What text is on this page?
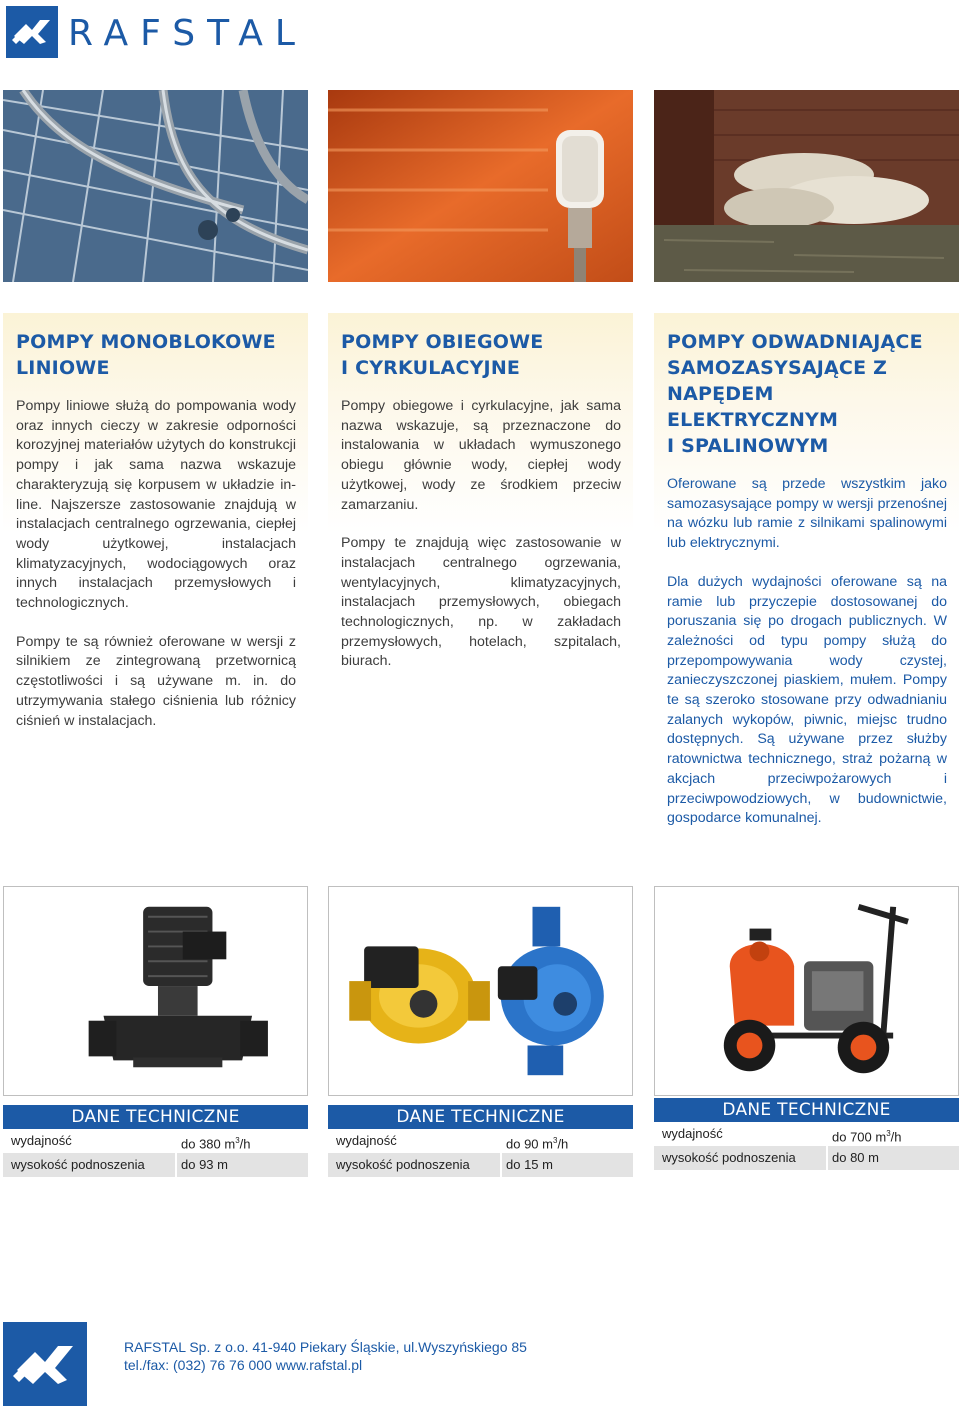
RAFSTAL
POMPY MONOBLOKOWE
LINIOWE

Pompy liniowe służą do pompowania wody oraz innych cieczy w zakresie odporności korozyjnej materiałów użytych do konstrukcji pompy i jak sama nazwa wskazuje charakteryzują się korpusem w układzie in-line. Najszersze zastosowanie znajdują w instalacjach centralnego ogrzewania, ciepłej wody użytkowej, instalacjach klimatyzacyjnych, wodociągowych oraz innych instalacjach przemysłowych i technologicznych.

Pompy te są również oferowane w wersji z silnikiem ze zintegrowaną przetwornicą częstotliwości i są używane m. in. do utrzymywania stałego ciśnienia lub różnicy ciśnień w instalacjach.

POMPY OBIEGOWE
I CYRKULACYJNE

Pompy obiegowe i cyrkulacyjne, jak sama nazwa wskazuje, są przeznaczone do instalowania w układach wymuszonego obiegu głównie wody, ciepłej wody użytkowej, wody ze środkiem przeciw zamarzaniu.

Pompy te znajdują więc zastosowanie w instalacjach centralnego ogrzewania, wentylacyjnych, klimatyzacyjnych, instalacjach przemysłowych, obiegach technologicznych, np. w zakładach przemysłowych, hotelach, szpitalach, biurach.

POMPY ODWADNIAJĄCE
SAMOZASYSAJĄCE Z
NAPĘDEM ELEKTRYCZNYM
I SPALINOWYM

Oferowane są przede wszystkim jako samozasysające pompy w wersji przenośnej na wózku lub ramie z silnikami spalinowymi lub elektrycznymi.

Dla dużych wydajności oferowane są na ramie lub przyczepie dostosowanej do poruszania się po drogach publicznych. W zależności od typu pompy służą do przepompowywania wody czystej, zanieczyszczonej piaskiem, mułem. Pompy te są szeroko stosowane przy odwadnianiu zalanych wykopów, piwnic, miejsc trudno dostępnych. Są używane przez służby ratownictwa technicznego, straż pożarną w akcjach przeciwpożarowych i przeciwpowodziowych, w budownictwie, gospodarce komunalnej.

DANE TECHNICZNE
wydajność	do 380 $m^3/h$
wysokość podnoszenia	do 93 m
DANE TECHNICZNE
wydajność	do 90 $m^3/h$
wysokość podnoszenia	do 15 m
DANE TECHNICZNE
wydajność	do 700 $m^3/h$
wysokość podnoszenia	do 80 m
RAFSTAL Sp. z o.o. 41-940 Piekary Śląskie, ul.Wyszyńskiego 85
tel./fax: (032) 76 76 000 www.rafstal.pl
